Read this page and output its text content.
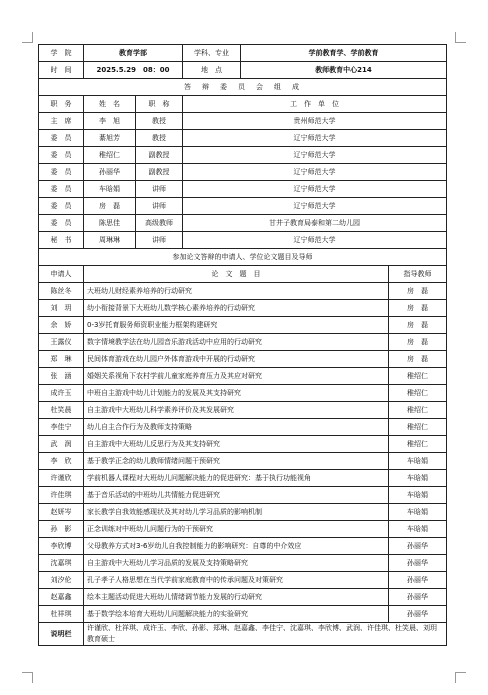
学　院	教育学部		学科、专业	学前教育学、学前教育	
时　间	2025.5.29　08：00		地　点	教师教育中心214	
答　辩　委　员　会　组　成					
职　务	姓　名	职　称	工　作　单　位		
主　席	李　旭	教授	贵州师范大学		
委　员	綦旭芳	教授	辽宁师范大学		
委　员	稚绍仁	副教授	辽宁师范大学		
委　员	孙丽华	副教授	辽宁师范大学		
委　员	车晗娟	讲师	辽宁师范大学		
委　员	房　磊	讲师	辽宁师范大学		
委　员	陈思佳	高级教师	甘井子教育局泰和第二幼儿园		
秘　书	周琳琳	讲师	辽宁师范大学		
参加论文答辩的申请人、学位论文题目及导师					
申请人	论　文　题　目				指导教师
陈丝冬	大班幼儿财经素养培养的行动研究				房　磊
刘　玥	幼小衔接背景下大班幼儿数学核心素养培养的行动研究				房　磊
余　娇	0-3岁托育服务师资职业能力框架构建研究				房　磊
王露仪	数字情境教学法在幼儿园音乐游戏活动中应用的行动研究				房　磊
郑　琳	民间体育游戏在幼儿园户外体育游戏中开展的行动研究				房　磊
张　涵	婚姻关系视角下农村学前儿童家庭养育压力及其应对研究				稚绍仁
成许玉	中班自主游戏中幼儿计划能力的发展及其支持研究				稚绍仁
杜笑晨	自主游戏中大班幼儿科学素养评价及其发展研究				稚绍仁
李佳宁	幼儿自主合作行为及教师支持策略				稚绍仁
武　润	自主游戏中大班幼儿反思行为及其支持研究				稚绍仁
李　欣	基于教学正念的幼儿教师情绪问题干预研究				车晗娟
许谨欣	学前机器人课程对大班幼儿问题解决能力的促进研究：基于执行功能视角				车晗娟
许佳琪	基于音乐活动的中班幼儿共情能力促进研究				车晗娟
赵妍岑	家长教学自我效能感现状及其对幼儿学习品质的影响机制				车晗娟
孙　影	正念训练对中班幼儿问题行为的干预研究				车晗娟
李欣博	父母教养方式对3-6岁幼儿自我控制能力的影响研究：自尊的中介效应				孙丽华
沈嘉琪	自主游戏中大班幼儿学习品质的发展及支持策略研究				孙丽华
刘汐伦	孔子孝子人格思想在当代学前家庭教育中的传承问题及对策研究				孙丽华
赵嘉鑫	绘本主题活动促进大班幼儿情绪调节能力发展的行动研究				孙丽华
杜祥琪	基于数学绘本培育大班幼儿问题解决能力的实验研究				孙丽华
说明栏	许谨欣、杜祥琪、成许玉、李欣、孙影、郑琳、赵嘉鑫、李佳宁、沈嘉琪、李欣博、武润、许佳琪、杜笑晨、刘玥教育硕士				
